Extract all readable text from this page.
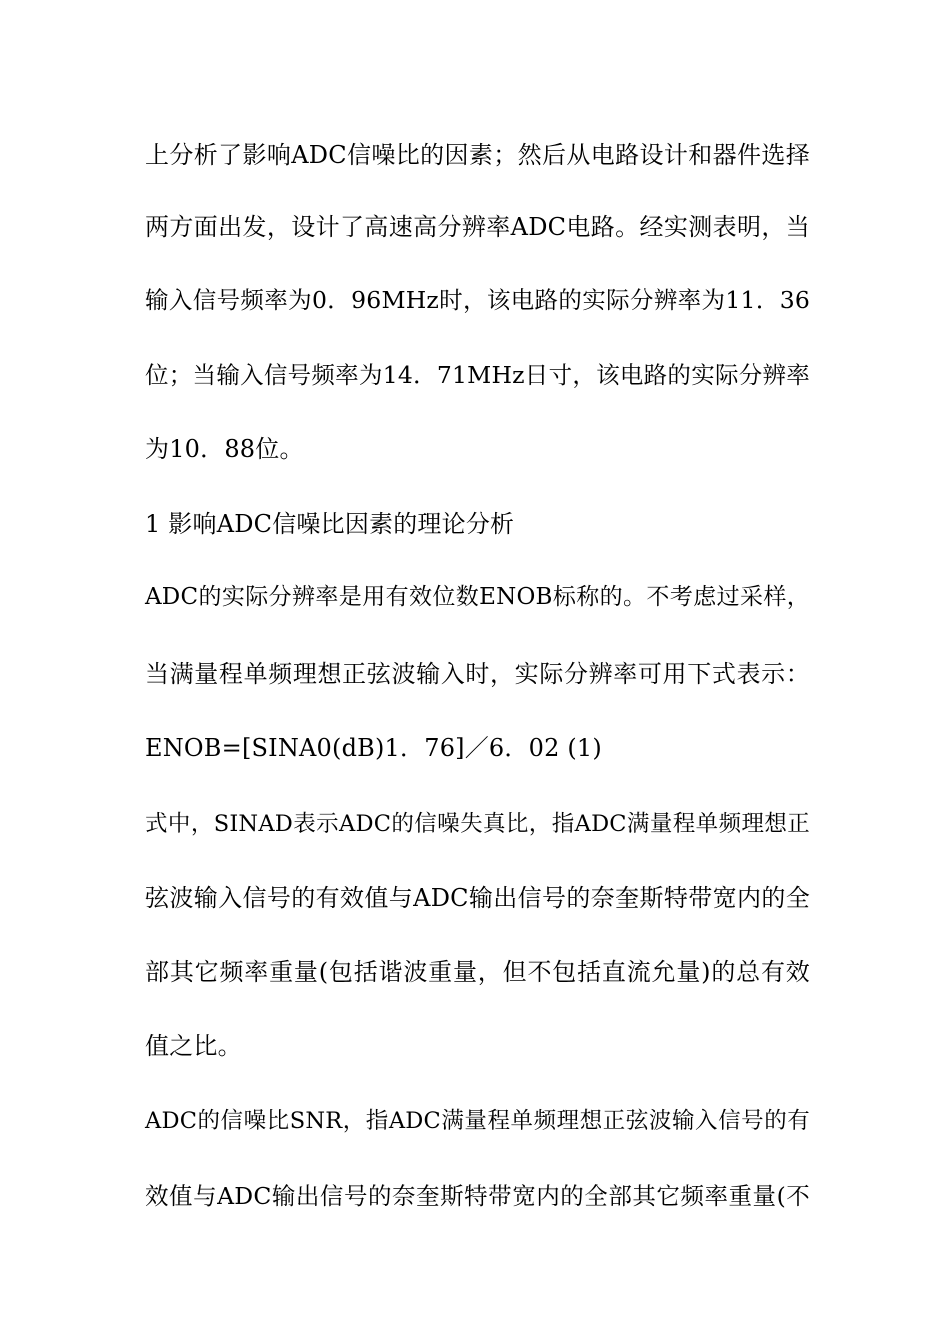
上分析了影响ADC信噪比的因素；然后从电路设计和器件选择
两方面出发，设计了高速高分辨率ADC电路。经实测表明，当
输入信号频率为0．96MHz时，该电路的实际分辨率为11．36
位；当输入信号频率为14．71MHz日寸，该电路的实际分辨率
为10．88位。
1 影响ADC信噪比因素的理论分析
ADC的实际分辨率是用有效位数ENOB标称的。不考虑过采样，
当满量程单频理想正弦波输入时，实际分辨率可用下式表示：
ENOB=[SINA0(dB)1．76]／6．02 (1)
式中，SINAD表示ADC的信噪失真比，指ADC满量程单频理想正
弦波输入信号的有效值与ADC输出信号的奈奎斯特带宽内的全
部其它频率重量(包括谐波重量，但不包括直流允量)的总有效
值之比。
ADC的信噪比SNR，指ADC满量程单频理想正弦波输入信号的有
效值与ADC输出信号的奈奎斯特带宽内的全部其它频率重量(不
